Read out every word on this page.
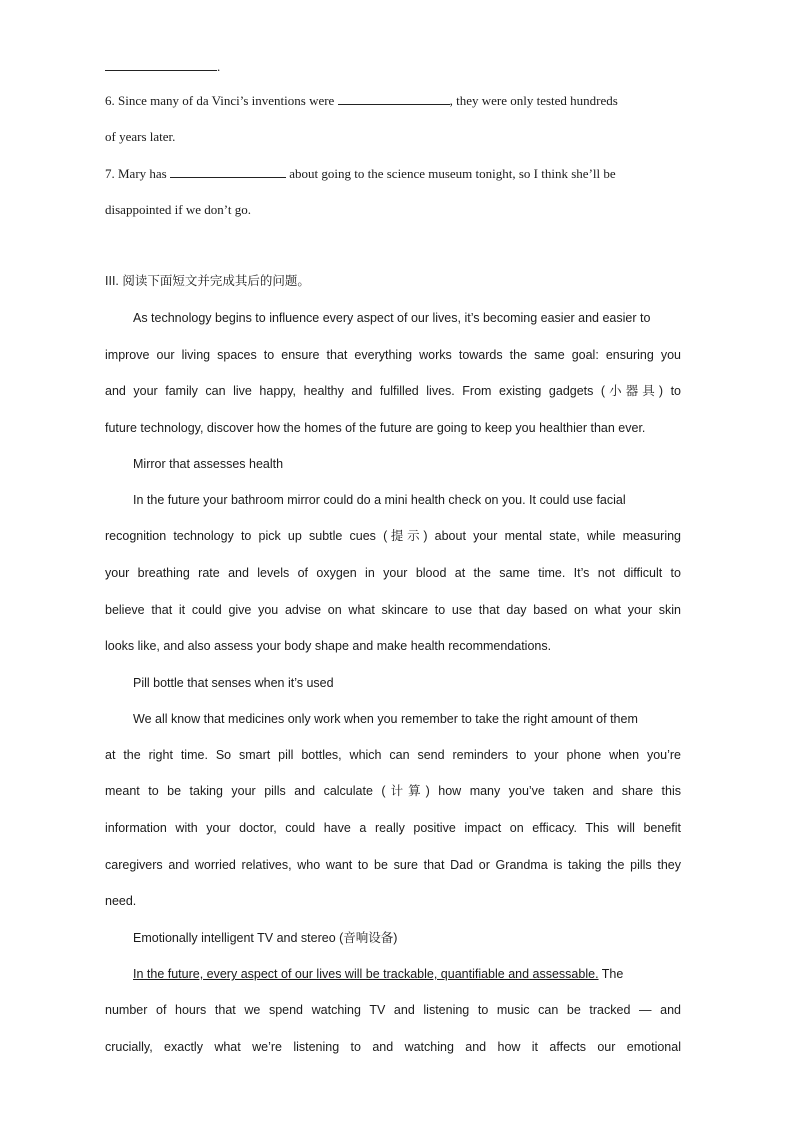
.
6. Since many of da Vinci’s inventions were	, they were only tested hundreds
of years later.
7. Mary has	about going to the science museum tonight, so I think she’ll be
disappointed if we don’t go.
III. 阅读下面短文并完成其后的问题。
As technology begins to influence every aspect of our lives, it’s becoming easier and easier to
improve our living spaces to ensure that everything works towards the same goal: ensuring you
and your family can live happy, healthy and fulfilled lives. From existing gadgets (小器具) to
future technology, discover how the homes of the future are going to keep you healthier than ever.
Mirror that assesses health
In the future your bathroom mirror could do a mini health check on you. It could use facial
recognition technology to pick up subtle cues (提示) about your mental state, while measuring
your breathing rate and levels of oxygen in your blood at the same time. It’s not difficult to
believe that it could give you advise on what skincare to use that day based on what your skin
looks like, and also assess your body shape and make health recommendations.
Pill bottle that senses when it’s used
We all know that medicines only work when you remember to take the right amount of them
at the right time. So smart pill bottles, which can send reminders to your phone when you’re
meant to be taking your pills and calculate (计算) how many you’ve taken and share this
information with your doctor, could have a really positive impact on efficacy. This will benefit
caregivers and worried relatives, who want to be sure that Dad or Grandma is taking the pills they
need.
Emotionally intelligent TV and stereo (音响设备)
In the future, every aspect of our lives will be trackable, quantifiable and assessable. The
number of hours that we spend watching TV and listening to music can be tracked — and
crucially, exactly what we’re listening to and watching and how it affects our emotional
